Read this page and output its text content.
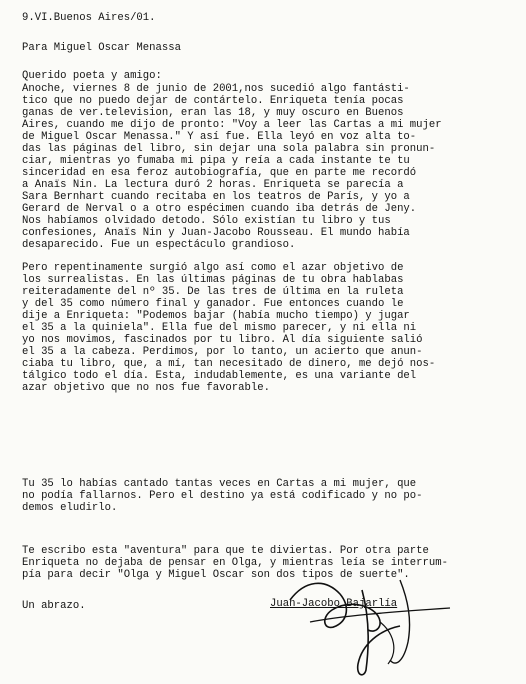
9.VI.Buenos Aires/01.
Para Miguel Oscar Menassa
Querido poeta y amigo:
Anoche, viernes 8 de junio de 2001,nos sucedió algo fantásti-
tico que no puedo dejar de contártelo. Enriqueta tenía pocas
ganas de ver.television, eran las 18, y muy oscuro en Buenos
Aires, cuando me dijo de pronto: "Voy a leer las Cartas a mi mujer
de Miguel Oscar Menassa." Y así fue. Ella leyó en voz alta to-
das las páginas del libro, sin dejar una sola palabra sin pronun-
ciar, mientras yo fumaba mi pipa y reía a cada instante te tu
sinceridad en esa feroz autobiografía, que en parte me recordó
a Anaïs Nin. La lectura duró 2 horas. Enriqueta se parecía a
Sara Bernhart cuando recitaba en los teatros de París, y yo a
Gerard de Nerval o a otro espécimen cuando iba detrás de Jeny.
Nos habíamos olvidado detodo. Sólo existían tu libro y tus
confesiones, Anaïs Nin y Juan-Jacobo Rousseau. El mundo había
desaparecido. Fue un espectáculo grandioso.
Pero repentinamente surgió algo así como el azar objetivo de
los surrealistas. En las últimas páginas de tu obra hablabas
reiteradamente del nº 35. De las tres de última en la ruleta
y del 35 como número final y ganador. Fue entonces cuando le
dije a Enriqueta: "Podemos bajar (había mucho tiempo) y jugar
el 35 a la quiniela". Ella fue del mismo parecer, y ni ella ni
yo nos movimos, fascinados por tu libro. Al día siguiente salió
el 35 a la cabeza. Perdimos, por lo tanto, un acierto que anun-
ciaba tu libro, que, a mí, tan necesitado de dinero, me dejó nos-
tálgico todo el día. Esta, indudablemente, es una variante del
azar objetivo que no nos fue favorable.
Tu 35 lo habías cantado tantas veces en Cartas a mi mujer, que
no podía fallarnos. Pero el destino ya está codificado y no po-
demos eludirlo.
Te escribo esta "aventura" para que te diviertas. Por otra parte
Enriqueta no dejaba de pensar en Olga, y mientras leía se interrum-
pía para decir "Olga y Miguel Oscar son dos tipos de suerte".
Un abrazo.	Juan-Jacobo Bajarlía
